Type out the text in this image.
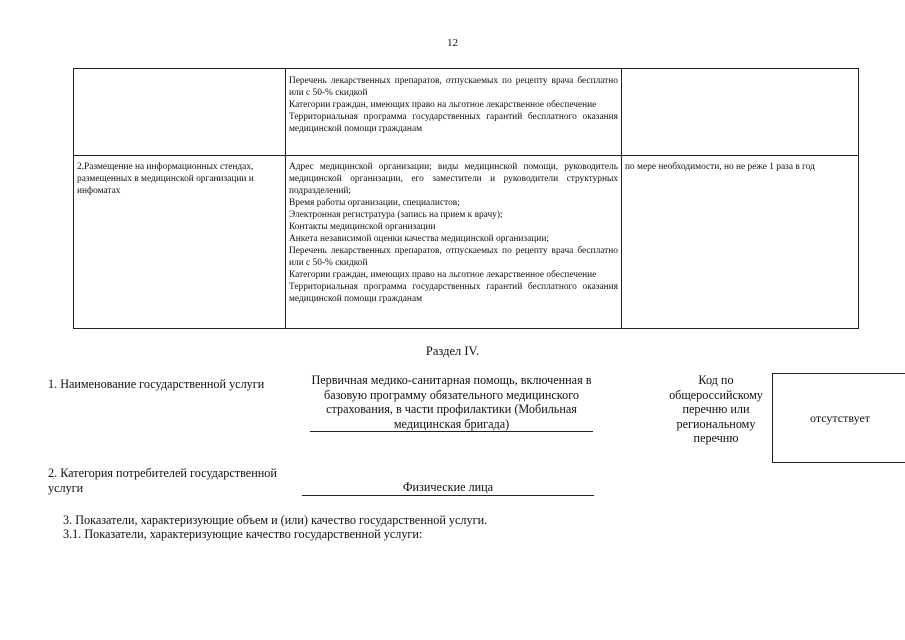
12

Перечень лекарственных препаратов, отпускаемых по рецепту врача бесплатно или с 50-% скидкой

Категории граждан, имеющих право на льготное лекарственное обеспечение

Территориальная программа государственных гарантий бесплатного оказания медицинской помощи гражданам

2.Размещение на информационных стендах, размещенных в медицинской организации и инфоматах

Адрес медицинской организации; виды медицинской помощи, руководитель медицинской организации, его заместители и руководители структурных подразделений;

Время работы организации, специалистов;

Электронная регистратура (запись на прием к врачу);

Контакты медицинской организации

Анкета независимой оценки качества медицинской организации;

Перечень лекарственных препаратов, отпускаемых по рецепту врача бесплатно или с 50-% скидкой

Категории граждан, имеющих право на льготное лекарственное обеспечение

Территориальная программа государственных гарантий бесплатного оказания медицинской помощи гражданам

по мере необходимости, но не реже 1 раза в год
Раздел IV.
1. Наименование государственной услуги	Первичная медико-санитарная помощь, включенная в базовую программу обязательного медицинского страхования, в части профилактики (Мобильная медицинская бригада)
Код по общероссийскому перечню или региональному перечню
отсутствует
2. Категория потребителей государственной услуги	Физические лица
3. Показатели, характеризующие объем и (или) качество государственной услуги.
3.1. Показатели, характеризующие качество государственной услуги:
